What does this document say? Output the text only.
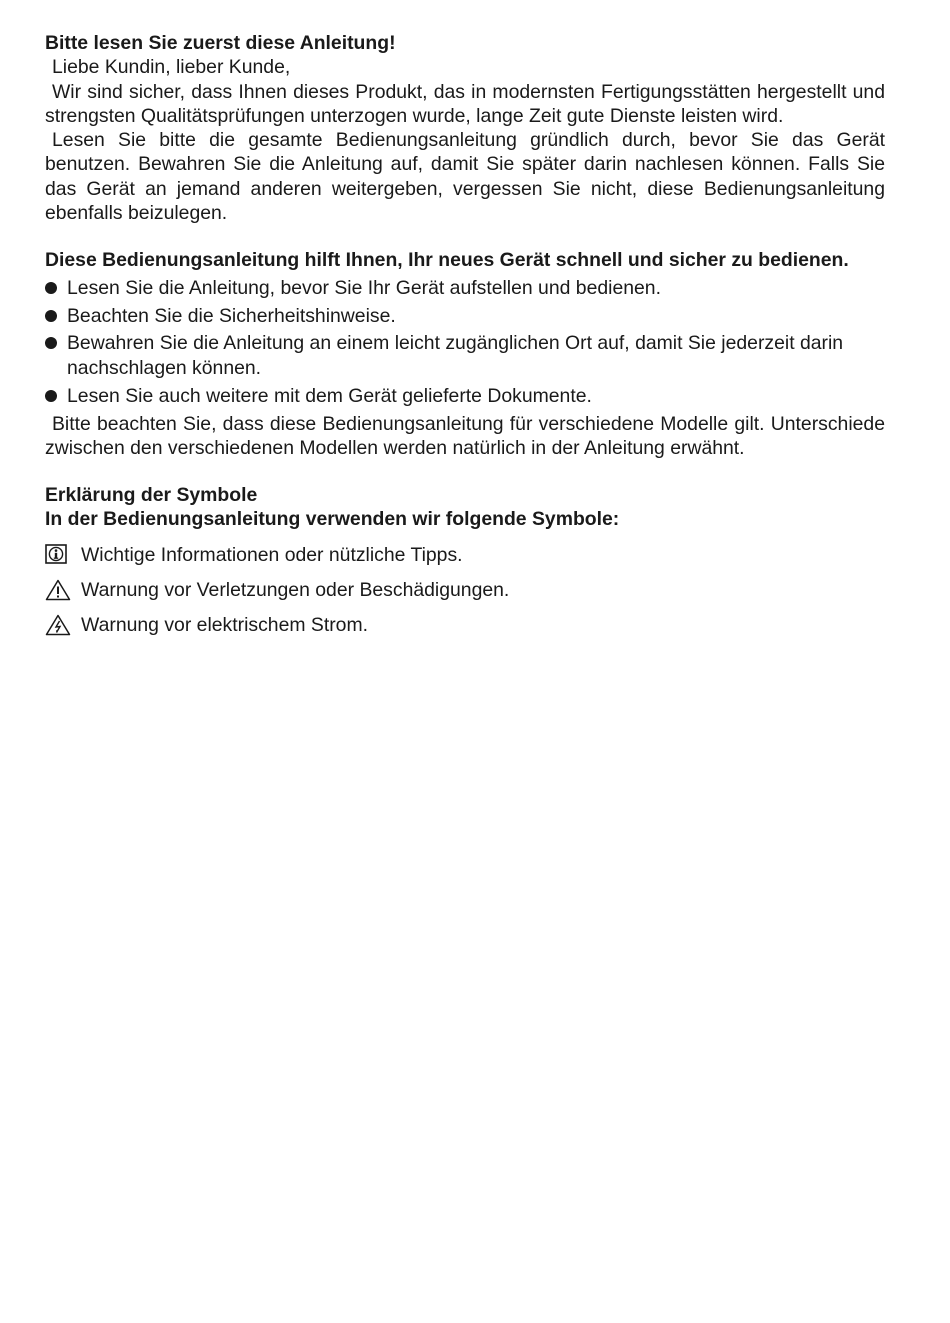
Bitte lesen Sie zuerst diese Anleitung!

Liebe Kundin, lieber Kunde,

Wir sind sicher, dass Ihnen dieses Produkt, das in modernsten Fertigungsstätten hergestellt und strengsten Qualitätsprüfungen unterzogen wurde, lange Zeit gute Dienste leisten wird.

Lesen Sie bitte die gesamte Bedienungsanleitung gründlich durch, bevor Sie das Gerät benutzen. Bewahren Sie die Anleitung auf, damit Sie später darin nachlesen können. Falls Sie das Gerät an jemand anderen weitergeben, vergessen Sie nicht, diese Bedienungsanleitung ebenfalls beizulegen.

Diese Bedienungsanleitung hilft Ihnen, Ihr neues Gerät schnell und sicher zu bedienen.

Lesen Sie die Anleitung, bevor Sie Ihr Gerät aufstellen und bedienen.
Beachten Sie die Sicherheitshinweise.
Bewahren Sie die Anleitung an einem leicht zugänglichen Ort auf, damit Sie jederzeit darin nachschlagen können.
Lesen Sie auch weitere mit dem Gerät gelieferte Dokumente.

Bitte beachten Sie, dass diese Bedienungsanleitung für verschiedene Modelle gilt. Unterschiede zwischen den verschiedenen Modellen werden natürlich in der Anleitung erwähnt.

Erklärung der Symbole

In der Bedienungsanleitung verwenden wir folgende Symbole:

Wichtige Informationen oder nützliche Tipps.
Warnung vor Verletzungen oder Beschädigungen.
Warnung vor elektrischem Strom.
